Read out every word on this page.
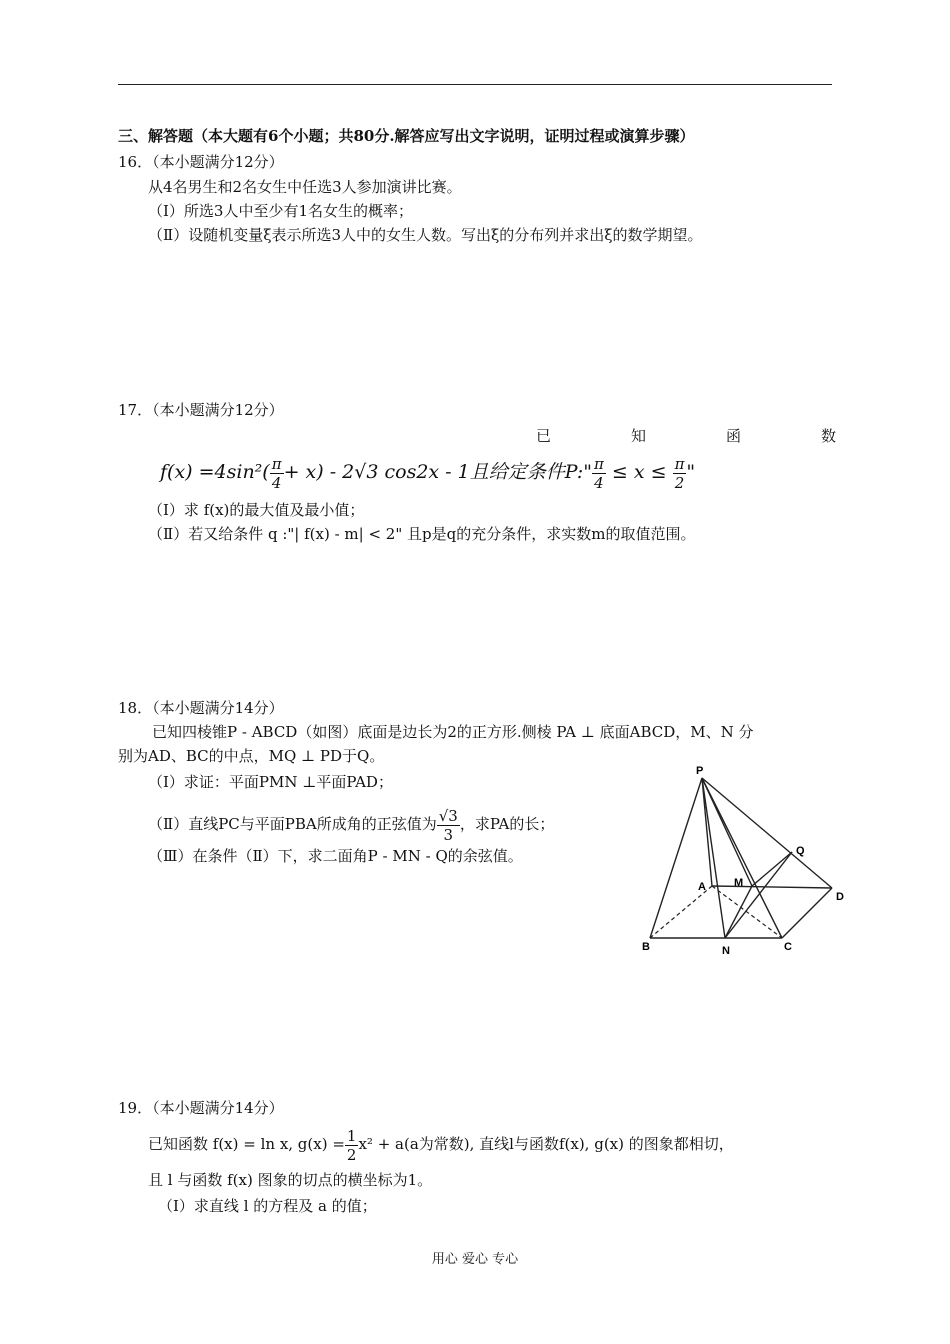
三、解答题（本大题有6个小题；共80分.解答应写出文字说明，证明过程或演算步骤）
16．（本小题满分12分）
从4名男生和2名女生中任选3人参加演讲比赛。
（Ⅰ）所选3人中至少有1名女生的概率；
（Ⅱ）设随机变量ξ表示所选3人中的女生人数。写出ξ的分布列并求出ξ的数学期望。
17．（本小题满分12分）
已	知	函	数
$f(x) =4\sin^2( \frac{\pi}{4} + x) - 2√3$ cos2x - 1且给定条件P:" $\frac{\pi}{4} \le x \le \frac{\pi}{2}$ "
（Ⅰ）求 f(x)的最大值及最小值；
（Ⅱ）若又给条件 q :"| f(x) - m| < 2" 且p是q的充分条件，求实数m的取值范围。
18．（本小题满分14分）
已知四棱锥P - ABCD（如图）底面是边长为2的正方形.侧棱 PA ⊥ 底面ABCD，M、N 分
别为AD、BC的中点，MQ ⊥ PD于Q。
（Ⅰ）求证：平面PMN ⊥平面PAD；
（Ⅱ）直线PC与平面PBA所成角的正弦值为 $\frac{√3}{3}$ ，求PA的长；
（Ⅲ）在条件（Ⅱ）下，求二面角P - MN - Q的余弦值。
P
Q
A	M
D
B	N	C
19．（本小题满分14分）
已知函数 f(x) = ln x, $g(x) = \frac{1}{2} x^2 + a(a$为常数), 直线l与函数f(x), g(x) 的图象都相切，
且 l 与函数 f(x) 图象的切点的横坐标为1。
（Ⅰ）求直线 l 的方程及 a 的值；
用心 爱心 专心
